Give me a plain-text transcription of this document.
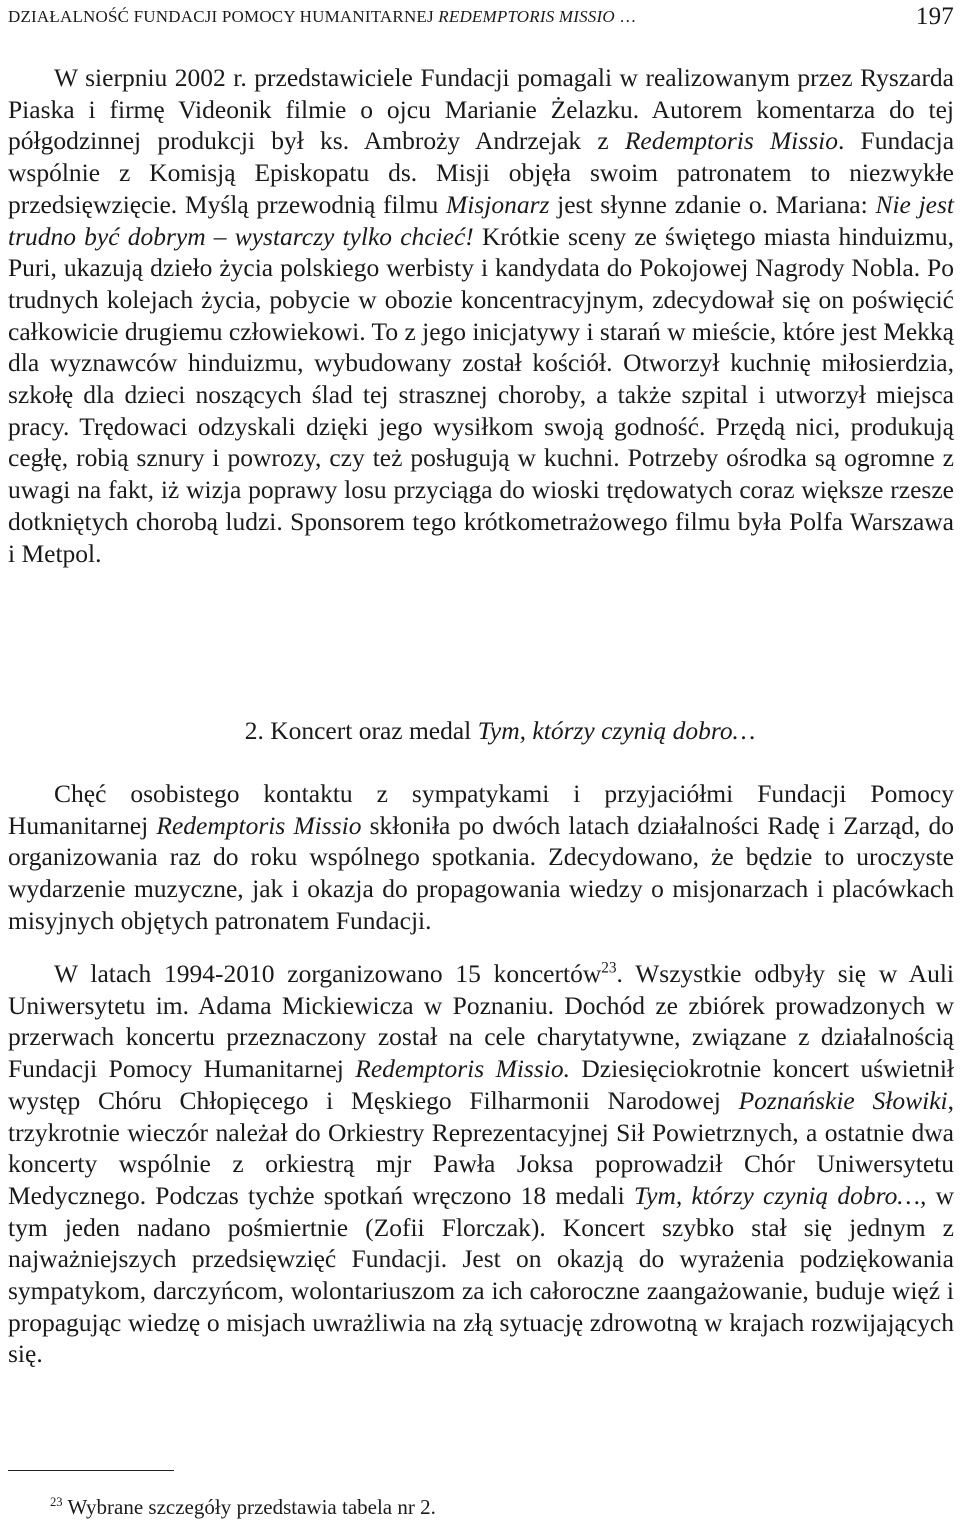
DZIAŁALNOŚĆ FUNDACJI POMOCY HUMANITARNEJ REDEMPTORIS MISSIO …	197

W sierpniu 2002 r. przedstawiciele Fundacji pomagali w realizowanym przez Ryszarda Piaska i firmę Videonik filmie o ojcu Marianie Żelazku. Autorem komentarza do tej półgodzinnej produkcji był ks. Ambroży Andrzejak z Redemptoris Missio. Fundacja wspólnie z Komisją Episkopatu ds. Misji objęła swoim patronatem to niezwykłe przedsięwzięcie. Myślą przewodnią filmu Misjonarz jest słynne zdanie o. Mariana: Nie jest trudno być dobrym – wystarczy tylko chcieć! Krótkie sceny ze świętego miasta hinduizmu, Puri, ukazują dzieło życia polskiego werbisty i kandydata do Pokojowej Nagrody Nobla. Po trudnych kolejach życia, pobycie w obozie koncentracyjnym, zdecydował się on poświęcić całkowicie drugiemu człowiekowi. To z jego inicjatywy i starań w mieście, które jest Mekką dla wyznawców hinduizmu, wybudowany został kościół. Otworzył kuchnię miłosierdzia, szkołę dla dzieci noszących ślad tej strasznej choroby, a także szpital i utworzył miejsca pracy. Trędowaci odzyskali dzięki jego wysiłkom swoją godność. Przędą nici, produkują cegłę, robią sznury i powrozy, czy też posługują w kuchni. Potrzeby ośrodka są ogromne z uwagi na fakt, iż wizja poprawy losu przyciąga do wioski trędowatych coraz większe rzesze dotkniętych chorobą ludzi. Sponsorem tego krótkometrażowego filmu była Polfa Warszawa i Metpol.

2. Koncert oraz medal Tym, którzy czynią dobro…

Chęć osobistego kontaktu z sympatykami i przyjaciółmi Fundacji Pomocy Humanitarnej Redemptoris Missio skłoniła po dwóch latach działalności Radę i Zarząd, do organizowania raz do roku wspólnego spotkania. Zdecydowano, że będzie to uroczyste wydarzenie muzyczne, jak i okazja do propagowania wiedzy o misjonarzach i placówkach misyjnych objętych patronatem Fundacji.

W latach 1994-2010 zorganizowano 15 koncertów$^{23}$. Wszystkie odbyły się w Auli Uniwersytetu im. Adama Mickiewicza w Poznaniu. Dochód ze zbiórek prowadzonych w przerwach koncertu przeznaczony został na cele charytatywne, związane z działalnością Fundacji Pomocy Humanitarnej Redemptoris Missio. Dziesięciokrotnie koncert uświetnił występ Chóru Chłopięcego i Męskiego Filharmonii Narodowej Poznańskie Słowiki, trzykrotnie wieczór należał do Orkiestry Reprezentacyjnej Sił Powietrznych, a ostatnie dwa koncerty wspólnie z orkiestrą mjr Pawła Joksa poprowadził Chór Uniwersytetu Medycznego. Podczas tychże spotkań wręczono 18 medali Tym, którzy czynią dobro…, w tym jeden nadano pośmiertnie (Zofii Florczak). Koncert szybko stał się jednym z najważniejszych przedsięwzięć Fundacji. Jest on okazją do wyrażenia podziękowania sympatykom, darczyńcom, wolontariuszom za ich całoroczne zaangażowanie, buduje więź i propagując wiedzę o misjach uwrażliwia na złą sytuację zdrowotną w krajach rozwijających się.

$^{23}$ Wybrane szczegóły przedstawia tabela nr 2.
